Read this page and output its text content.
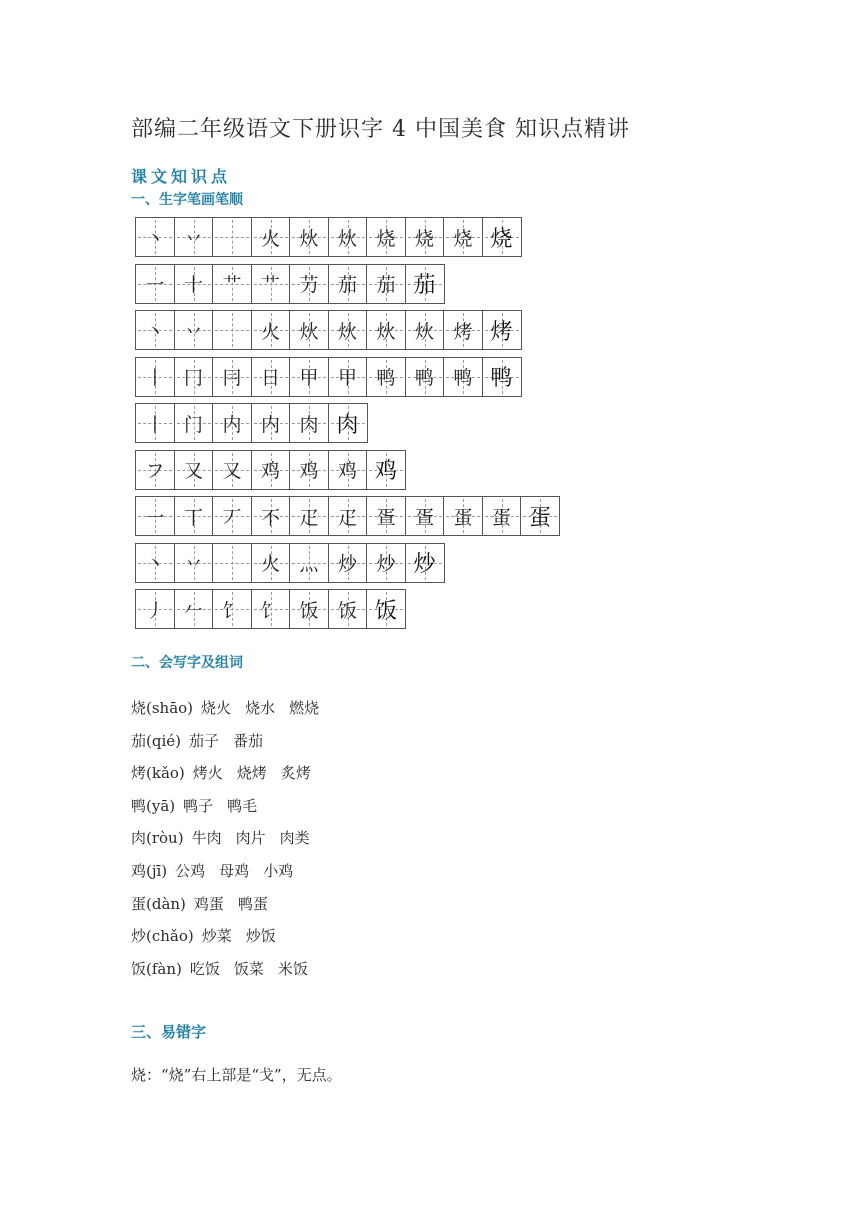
部编二年级语文下册识字 4 中国美食 知识点精讲
课文知识点
一、生字笔画笔顺
丶 丷	火 炏 炏 烧 烧 烧 烧
一 十 艹 艹 芀 茄 茄 茄
丶 丷	火 炏 炏 炏 炏 烤 烤
丨 冂 冃 日 甲 甲 鸭 鸭 鸭 鸭
丨 门 内 内 肉 肉
フ 又 又 鸡 鸡 鸡 鸡
一 丅 丆 不 疋 疋 疍 疍 蛋 蛋 蛋
丶 丷	火 灬 炒 炒 炒
丿 𠂉 饣 饣 饭 饭 饭
二、会写字及组词
烧(shāo) 烧火 烧水 燃烧
茄(qié) 茄子 番茄
烤(kǎo) 烤火 烧烤 炙烤
鸭(yā) 鸭子 鸭毛
肉(ròu) 牛肉 肉片 肉类
鸡(jī) 公鸡 母鸡 小鸡
蛋(dàn) 鸡蛋 鸭蛋
炒(chǎo) 炒菜 炒饭
饭(fàn) 吃饭 饭菜 米饭
三、易错字
烧：“烧”右上部是“戈”，无点。
